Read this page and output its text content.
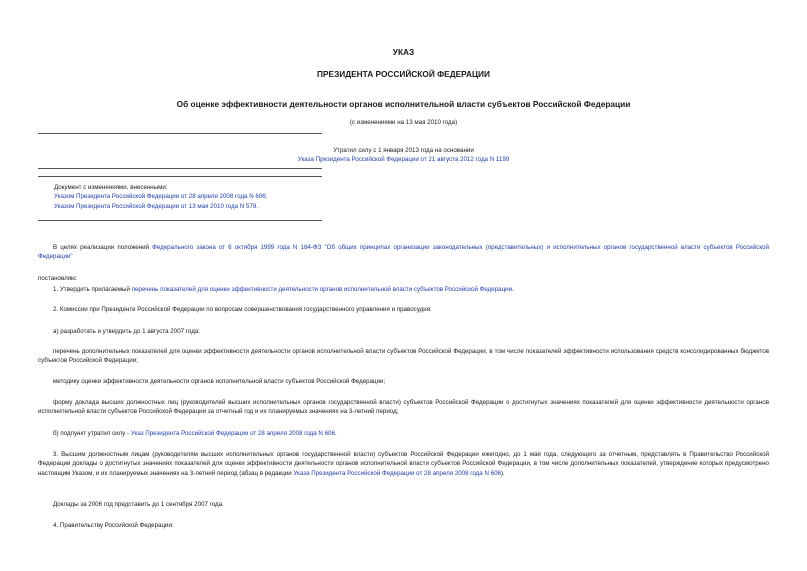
УКАЗ

ПРЕЗИДЕНТА РОССИЙСКОЙ ФЕДЕРАЦИИ

Об оценке эффективности деятельности органов исполнительной власти субъектов Российской Федерации

(с изменениями на 13 мая 2010 года)

Утратил силу с 1 января 2013 года на основании

Указа Президента Российской Федерации от 21 августа 2012 года N 1199

Документ с изменениями, внесенными:
Указом Президента Российской Федерации от 28 апреля 2008 года N 606;
Указом Президента Российской Федерации от 13 мая 2010 года N 579.

В целях реализации положений Федерального закона от 6 октября 1999 года N 184-ФЗ "Об общих принципах организации законодательных (представительных) и исполнительных органов государственной власти субъектов Российской Федерации"

постановляю:

1. Утвердить прилагаемый перечень показателей для оценки эффективности деятельности органов исполнительной власти субъектов Российской Федерации.

2. Комиссии при Президенте Российской Федерации по вопросам совершенствования государственного управления и правосудия:

а) разработать и утвердить до 1 августа 2007 года:

перечень дополнительных показателей для оценки эффективности деятельности органов исполнительной власти субъектов Российской Федерации, в том числе показателей эффективности использования средств консолидированных бюджетов субъектов Российской Федерации;

методику оценки эффективности деятельности органов исполнительной власти субъектов Российской Федерации;

форму доклада высших должностных лиц (руководителей высших исполнительных органов государственной власти) субъектов Российской Федерации о достигнутых значениях показателей для оценки эффективности деятельности органов исполнительной власти субъектов Российской Федерации за отчетный год и их планируемых значениях на 3-летний период;

б) подпункт утратил силу - Указ Президента Российской Федерации от 28 апреля 2008 года N 606.

3. Высшим должностным лицам (руководителям высших исполнительных органов государственной власти) субъектов Российской Федерации ежегодно, до 1 мая года, следующего за отчетным, представлять в Правительство Российской Федерации доклады о достигнутых значениях показателей для оценки эффективности деятельности органов исполнительной власти субъектов Российской Федерации, в том числе дополнительных показателей, утверждение которых предусмотрено настоящим Указом, и их планируемых значениях на 3-летний период (абзац в редакции Указа Президента Российской Федерации от 28 апреля 2008 года N 606).

Доклады за 2006 год представить до 1 сентября 2007 года.

4. Правительству Российской Федерации:
